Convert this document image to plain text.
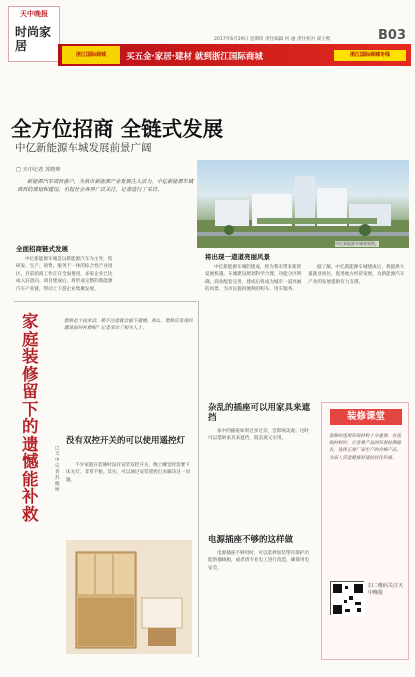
天中晚报
时尚家居	2017年6月29日 星期四 责任编辑 何 逾 责任校对 聂子熙	B03
浙江国际商城	买五金·家居·建材 就到浙江国际商城	浙江国际商城专线
全方位招商 全链式发展
中亿新能源车城发展前景广阔
□ 天中记者 苏晓坤
新能源汽车项目落户，为我市新能源产业发展注入活力。中亿新能源车城项目的规划和建设，引起社会各界广泛关注，记者进行了采访。
中亿新能源车城效果图。
全面招商链式发展

中亿新能源车城是以新能源汽车为主导，集研发、生产、销售、服务于一体的综合性产业园区，目前招商工作正在全面推进，多家企业已达成入驻意向。项目建成后，将形成完整的新能源汽车产业链，带动上下游企业集聚发展。

将出现一道道亮丽风景

中亿新能源车城的建成，将为我市带来新的发展机遇。车城建设规划科学合理，功能分区明确，商业配套完善，建成后将成为城市一道亮丽的风景，为市民提供便利的购车、用车服务。

据了解，中亿新能源车城建成后，将提供大量就业岗位，促进地方经济发展，为新能源汽车产业的发展提供有力支撑。

家庭装修留下的遗憾能补救
□ 天中记者 苏晓坤
装修是个技术活，稍不注意就会留下遗憾。那么，装修后发现问题该如何补救呢？记者采访了相关人士。
没有双控开关的可以使用遥控灯

不少家庭在装修时没有安装双控开关，晚上睡觉时需要下床关灯，非常不便。其实，可以通过安装遥控灯来解决这一问题。

杂乱的插座可以用家具来遮挡

家中的插座如果过多过杂，会影响美观。这时可以借助家具来遮挡，既美观又实用。

电源插座不够的这样做

电源插座不够用时，可以选择加装带有保护功能的插线板，或者请专业电工进行改造，确保用电安全。

装修课堂
装修时选用环保材料十分重要。在选购材料时，应查看产品的环保检测报告，选择正规厂家生产的合格产品，为家人营造健康舒适的居住环境。
扫二维码关注天中晚报
